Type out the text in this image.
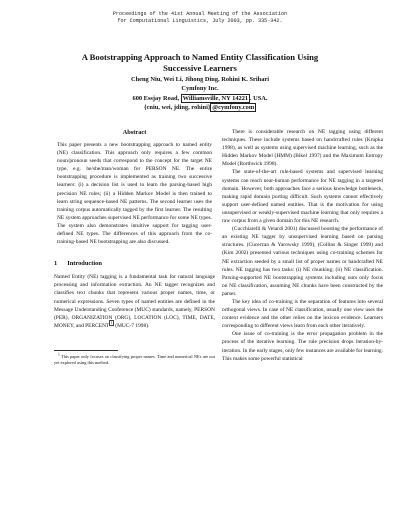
Proceedings of the 41st Annual Meeting of the Association
for Computational Linguistics, July 2003, pp. 335-342.
A Bootstrapping Approach to Named Entity Classification Using
Successive Learners
Cheng Niu, Wei Li, Jihong Ding, Rohini K. Srihari
Cymfony Inc.
600 Essjay Road, Williamsville, NY 14221 . USA.
{cniu, wei, jding, rohini} @cymfony.com
Abstract

This paper presents a new bootstrapping approach to named entity (NE) classification. This approach only requires a few common noun/pronoun seeds that correspond to the concept for the target NE type, e.g. he/she/man/woman for PERSON NE. The entire bootstrapping procedure is implemented as training two successive learners: (i) a decision list is used to learn the parsing-based high precision NE rules; (ii) a Hidden Markov Model is then trained to learn string sequence-based NE patterns. The second learner uses the training corpus automatically tagged by the first learner. The resulting NE system approaches supervised NE performance for some NE types. The system also demonstrates intuitive support for tagging user-defined NE types. The differences of this approach from the co-training-based NE bootstrapping are also discussed.

1 Introduction

Named Entity (NE) tagging is a fundamental task for natural language processing and information extraction. An NE tagger recognizes and classifies text chunks that represent various proper names, time, or numerical expressions. Seven types of named entities are defined in the Message Understanding Conference (MUC) standards, namely, PERSON (PER), ORGANIZATION (ORG), LOCATION (LOC), TIME, DATE, MONEY, and PERCENT$^1$ (MUC-7 1998).

$^1$ This paper only focuses on classifying proper names. Time and numerical NEs are not yet explored using this method.

There is considerable research on NE tagging using different techniques. These include systems based on handcrafted rules (Krupka 1998), as well as systems using supervised machine learning, such as the Hidden Markov Model (HMM) (Bikel 1997) and the Maximum Entropy Model (Borthwick 1998).

The state-of-the-art rule-based systems and supervised learning systems can reach near-human performance for NE tagging in a targeted domain. However, both approaches face a serious knowledge bottleneck, making rapid domain porting difficult. Such systems cannot effectively support user-defined named entities. That is the motivation for using unsupervised or weakly-supervised machine learning that only requires a raw corpus from a given domain for this NE research.

(Cucchiarelli & Velardi 2001) discussed boosting the performance of an existing NE tagger by unsupervised learning based on parsing structures. (Cucerzan & Yarowsky 1999), (Collins & Singer 1999) and (Kim 2002) presented various techniques using co-training schemes for NE extraction seeded by a small list of proper names or handcrafted NE rules. NE tagging has two tasks: (i) NE chunking; (ii) NE classification. Parsing-supported NE bootstrapping systems including ours only focus on NE classification, assuming NE chunks have been constructed by the parser.

The key idea of co-training is the separation of features into several orthogonal views. In case of NE classification, usually one view uses the context evidence and the other relies on the lexicon evidence. Learners corresponding to different views learn from each other iteratively.

One issue of co-training is the error propagation problem in the process of the iterative learning. The rule precision drops iteration-by-iteration. In the early stages, only few instances are available for learning. This makes some powerful statistical
